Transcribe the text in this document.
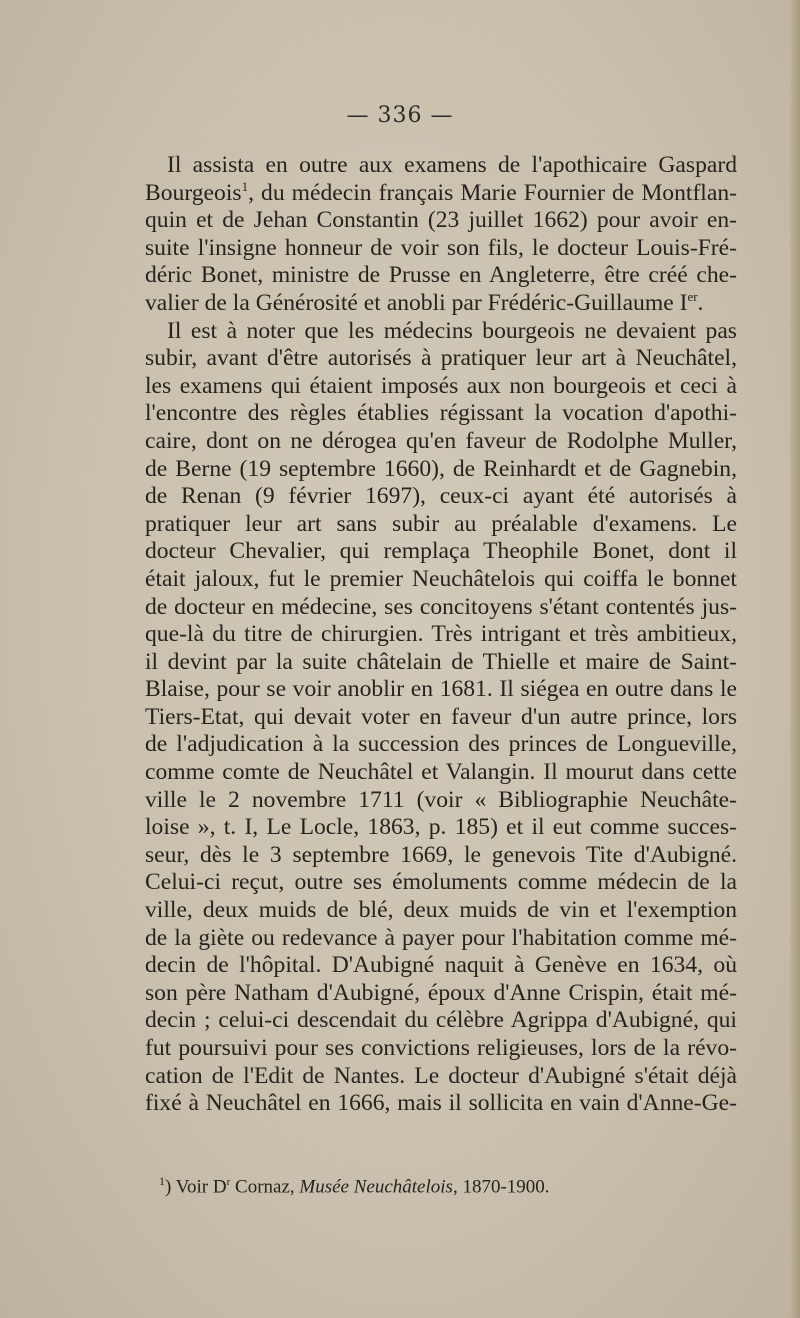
— 336 —
Il assista en outre aux examens de l'apothicaire Gaspard
Bourgeois$^1$, du médecin français Marie Fournier de Montflan-
quin et de Jehan Constantin (23 juillet 1662) pour avoir en-
suite l'insigne honneur de voir son fils, le docteur Louis-Fré-
déric Bonet, ministre de Prusse en Angleterre, être créé che-
valier de la Générosité et anobli par Frédéric-Guillaume Ier.
Il est à noter que les médecins bourgeois ne devaient pas
subir, avant d'être autorisés à pratiquer leur art à Neuchâtel,
les examens qui étaient imposés aux non bourgeois et ceci à
l'encontre des règles établies régissant la vocation d'apothi-
caire, dont on ne dérogea qu'en faveur de Rodolphe Muller,
de Berne (19 septembre 1660), de Reinhardt et de Gagnebin,
de Renan (9 février 1697), ceux-ci ayant été autorisés à
pratiquer leur art sans subir au préalable d'examens. Le
docteur Chevalier, qui remplaça Theophile Bonet, dont il
était jaloux, fut le premier Neuchâtelois qui coiffa le bonnet
de docteur en médecine, ses concitoyens s'étant contentés jus-
que-là du titre de chirurgien. Très intrigant et très ambitieux,
il devint par la suite châtelain de Thielle et maire de Saint-
Blaise, pour se voir anoblir en 1681. Il siégea en outre dans le
Tiers-Etat, qui devait voter en faveur d'un autre prince, lors
de l'adjudication à la succession des princes de Longueville,
comme comte de Neuchâtel et Valangin. Il mourut dans cette
ville le 2 novembre 1711 (voir « Bibliographie Neuchâte-
loise », t. I, Le Locle, 1863, p. 185) et il eut comme succes-
seur, dès le 3 septembre 1669, le genevois Tite d'Aubigné.
Celui-ci reçut, outre ses émoluments comme médecin de la
ville, deux muids de blé, deux muids de vin et l'exemption
de la giète ou redevance à payer pour l'habitation comme mé-
decin de l'hôpital. D'Aubigné naquit à Genève en 1634, où
son père Natham d'Aubigné, époux d'Anne Crispin, était mé-
decin ; celui-ci descendait du célèbre Agrippa d'Aubigné, qui
fut poursuivi pour ses convictions religieuses, lors de la révo-
cation de l'Edit de Nantes. Le docteur d'Aubigné s'était déjà
fixé à Neuchâtel en 1666, mais il sollicita en vain d'Anne-Ge-
$^1$) Voir $D^r$ Cornaz, Musée Neuchâtelois, 1870-1900.
